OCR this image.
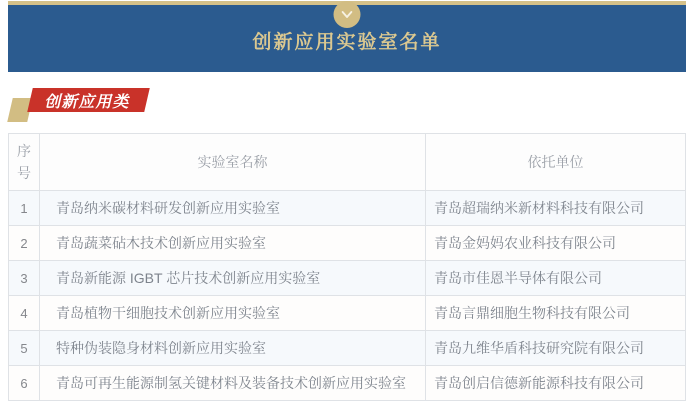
创新应用实验室名单
创新应用类
序号	实验室名称	依托单位
1	青岛纳米碳材料研发创新应用实验室	青岛超瑞纳米新材料科技有限公司
2	青岛蔬菜砧木技术创新应用实验室	青岛金妈妈农业科技有限公司
3	青岛新能源 IGBT 芯片技术创新应用实验室	青岛市佳恩半导体有限公司
4	青岛植物干细胞技术创新应用实验室	青岛言鼎细胞生物科技有限公司
5	特种伪装隐身材料创新应用实验室	青岛九维华盾科技研究院有限公司
6	青岛可再生能源制氢关键材料及装备技术创新应用实验室	青岛创启信德新能源科技有限公司
